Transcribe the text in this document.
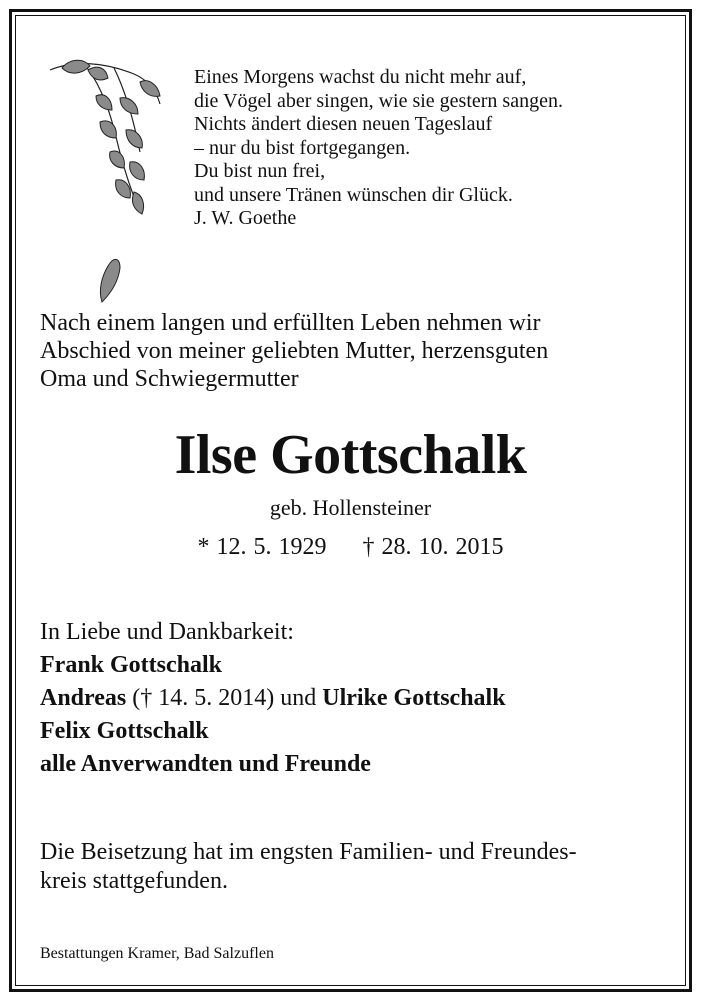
Eines Morgens wachst du nicht mehr auf,
die Vögel aber singen, wie sie gestern sangen.
Nichts ändert diesen neuen Tageslauf
– nur du bist fortgegangen.
Du bist nun frei,
und unsere Tränen wünschen dir Glück.
J. W. Goethe
Nach einem langen und erfüllten Leben nehmen wir
Abschied von meiner geliebten Mutter, herzensguten
Oma und Schwiegermutter
Ilse Gottschalk
geb. Hollensteiner
* 12. 5. 1929 † 28. 10. 2015
In Liebe und Dankbarkeit:
Frank Gottschalk
Andreas († 14. 5. 2014) und Ulrike Gottschalk
Felix Gottschalk
alle Anverwandten und Freunde
Die Beisetzung hat im engsten Familien- und Freundes-
kreis stattgefunden.
Bestattungen Kramer, Bad Salzuflen
